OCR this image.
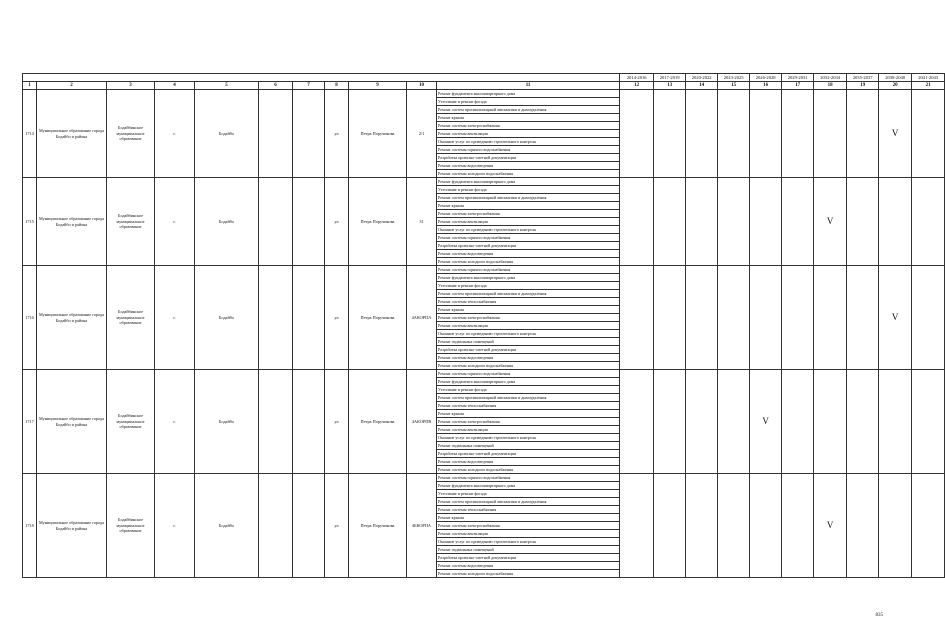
											2014-2016	2017-2019	2020-2022	2023-2025	2026-2028	2029-2031	2032-2034	2035-2037	2038-2040	2041-2043
1	2	3	4	5	6	7	8	9	10	11	12	13	14	15	16	17	18	19	20	21
1714	Муниципальное образование города Бодайбо и района	Бодайбинское муниципальное образование	г.	Бодайбо			ул	Петра Поручикова	2/1	Ремонт фундамента многоквартирного дома									V	
										Утепление и ремонт фасада										
										Ремонт систем противопожарной автоматики и дымоудаления										
										Ремонт крыши										
										Ремонт системы электроснабжения										
										Ремонт системы вентиляции										
										Оказание услуг по проведению строительного контроля										
										Ремонт системы горячего водоснабжения										
										Разработка проектно-сметной документации										
										Ремонт системы водоотведения										
										Ремонт системы холодного водоснабжения										
1715	Муниципальное образование города Бодайбо и района	Бодайбинское муниципальное образование	г.	Бодайбо			ул	Петра Поручикова	31	Ремонт фундамента многоквартирного дома							V			
										Утепление и ремонт фасада										
										Ремонт систем противопожарной автоматики и дымоудаления										
										Ремонт крыши										
										Ремонт системы электроснабжения										
										Ремонт системы вентиляции										
										Оказание услуг по проведению строительного контроля										
										Ремонт системы горячего водоснабжения										
										Разработка проектно-сметной документации										
										Ремонт системы водоотведения										
										Ремонт системы холодного водоснабжения										
1716	Муниципальное образование города Бодайбо и района	Бодайбинское муниципальное образование	г.	Бодайбо			ул	Петра Поручикова	4АКОРПА	Ремонт системы горячего водоснабжения									V	
										Ремонт фундамента многоквартирного дома										
										Утепление и ремонт фасада										
										Ремонт систем противопожарной автоматики и дымоудаления										
										Ремонт системы теплоснабжения										
										Ремонт крыши										
										Ремонт системы электроснабжения										
										Ремонт системы вентиляции										
										Оказание услуг по проведению строительного контроля										
										Ремонт подвальных помещений										
										Разработка проектно-сметной документации										
										Ремонт системы водоотведения										
										Ремонт системы холодного водоснабжения										
1717	Муниципальное образование города Бодайбо и района	Бодайбинское муниципальное образование	г.	Бодайбо			ул	Петра Поручикова	4АКОРПВ	Ремонт системы горячего водоснабжения					V					
										Ремонт фундамента многоквартирного дома										
										Утепление и ремонт фасада										
										Ремонт систем противопожарной автоматики и дымоудаления										
										Ремонт системы теплоснабжения										
										Ремонт крыши										
										Ремонт системы электроснабжения										
										Ремонт системы вентиляции										
										Оказание услуг по проведению строительного контроля										
										Ремонт подвальных помещений										
										Разработка проектно-сметной документации										
										Ремонт системы водоотведения										
										Ремонт системы холодного водоснабжения										
1718	Муниципальное образование города Бодайбо и района	Бодайбинское муниципальное образование	г.	Бодайбо			ул	Петра Поручикова	4БКОРПА	Ремонт системы горячего водоснабжения							V			
										Ремонт фундамента многоквартирного дома										
										Утепление и ремонт фасада										
										Ремонт систем противопожарной автоматики и дымоудаления										
										Ремонт системы теплоснабжения										
										Ремонт крыши										
										Ремонт системы электроснабжения										
										Ремонт системы вентиляции										
										Оказание услуг по проведению строительного контроля										
										Ремонт подвальных помещений										
										Разработка проектно-сметной документации										
										Ремонт системы водоотведения										
										Ремонт системы холодного водоснабжения										
835
